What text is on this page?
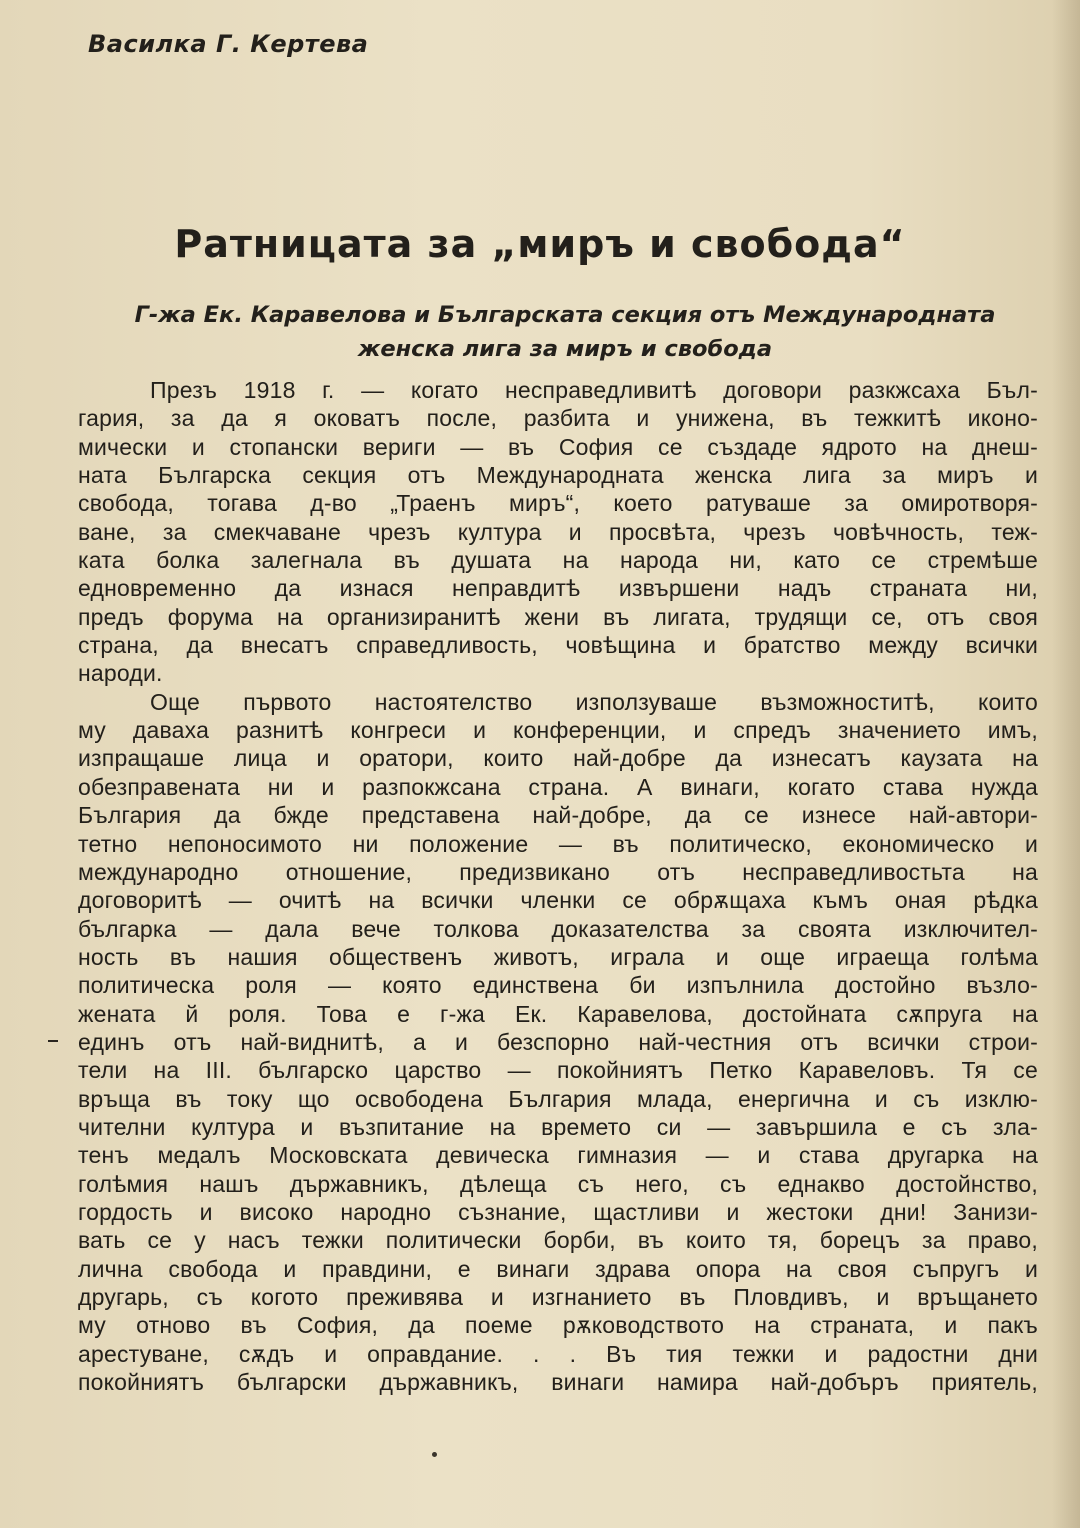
Василка Г. Кертева
Ратницата за „миръ и свобода“
Г-жа Ек. Каравелова и Българската секция отъ Международната
женска лига за миръ и свобода
Презъ 1918 г. — когато несправедливитѣ договори разкжсаха Бъл-
гария, за да я оковатъ после, разбита и унижена, въ тежкитѣ иконо-
мически и стопански вериги — въ София се създаде ядрото на днеш-
ната Българска секция отъ Международната женска лига за миръ и
свобода, тогава д-во „Траенъ миръ“, което ратуваше за омиротворя-
ване, за смекчаване чрезъ култура и просвѣта, чрезъ човѣчность, теж-
ката болка залегнала въ душата на народа ни, като се стремѣше
едновременно да изнася неправдитѣ извършени надъ страната ни,
предъ форума на организиранитѣ жени въ лигата, трудящи се, отъ своя
страна, да внесатъ справедливость, човѣщина и братство между всички
народи.
Още първото настоятелство използуваше възможноститѣ, които
му даваха разнитѣ конгреси и конференции, и спредъ значението имъ,
изпращаше лица и оратори, които най-добре да изнесатъ каузата на
обезправената ни и разпокжсана страна. А винаги, когато става нужда
България да бжде представена най-добре, да се изнесе най-автори-
тетно непоносимото ни положение — въ политическо, економическо и
международно отношение, предизвикано отъ несправедливостьта на
договоритѣ — очитѣ на всички членки се обрѫщаха къмъ оная рѣдка
българка — дала вече толкова доказателства за своята изключител-
ность въ нашия общественъ животъ, играла и още играеща голѣма
политическа роля — която единствена би изпълнила достойно възло-
жената й роля. Това е г-жа Ек. Каравелова, достойната сѫпруга на
единъ отъ най-виднитѣ, а и безспорно най-честния отъ всички строи-
тели на III. българско царство — покойниятъ Петко Каравеловъ. Тя се
връща въ току що освободена България млада, енергична и съ изклю-
чителни култура и възпитание на времето си — завършила е съ зла-
тенъ медалъ Московската девическа гимназия — и става другарка на
голѣмия нашъ държавникъ, дѣлеща съ него, съ еднакво достойнство,
гордость и високо народно съзнание, щастливи и жестоки дни! Занизи-
вать се у насъ тежки политически борби, въ които тя, борецъ за право,
лична свобода и правдини, е винаги здрава опора на своя съпругъ и
другарь, съ когото преживява и изгнанието въ Пловдивъ, и връщането
му отново въ София, да поеме рѫководството на страната, и пакъ
арестуване, сѫдъ и оправдание. . . Въ тия тежки и радостни дни
покойниятъ български държавникъ, винаги намира най-добъръ приятель,
